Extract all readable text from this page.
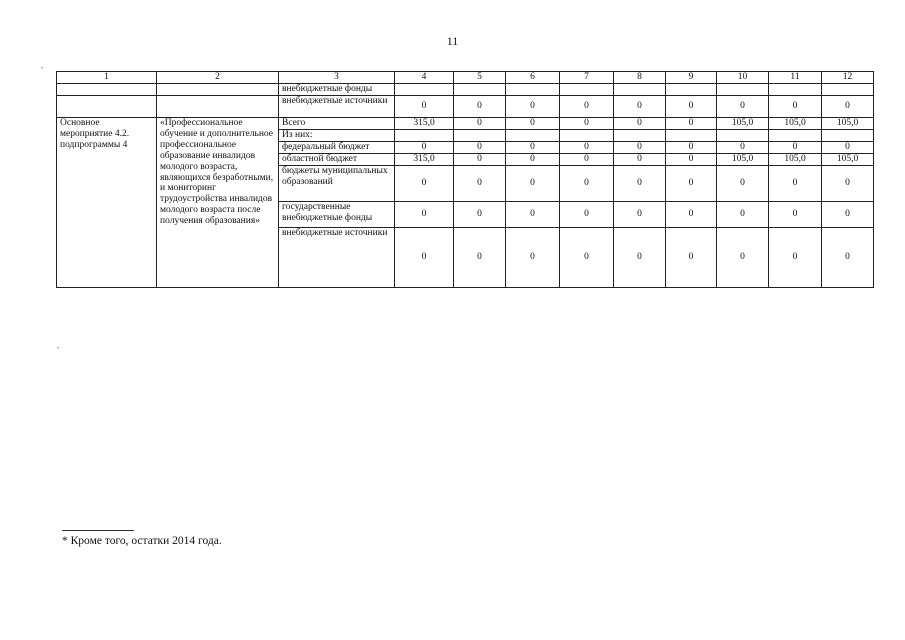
11
1	2	3	4	5	6	7	8	9	10	11	12
		внебюджетные фонды									
		внебюджетные источники	0	0	0	0	0	0	0	0	0
Основное мероприятие 4.2. подпрограммы 4	«Профессиональное обучение и дополнительное профессиональное образование инвалидов молодого возраста, являющихся безработными, и мониторинг трудоустройства инвалидов молодого возраста после получения образования»	Всего	315,0	0	0	0	0	0	105,0	105,0	105,0
		Из них:									
		федеральный бюджет	0	0	0	0	0	0	0	0	0
		областной бюджет	315,0	0	0	0	0	0	105,0	105,0	105,0
		бюджеты муниципальных образований	0	0	0	0	0	0	0	0	0
		государственные внебюджетные фонды	0	0	0	0	0	0	0	0	0
		внебюджетные источники	0	0	0	0	0	0	0	0	0
* Кроме того, остатки 2014 года.
•
•
